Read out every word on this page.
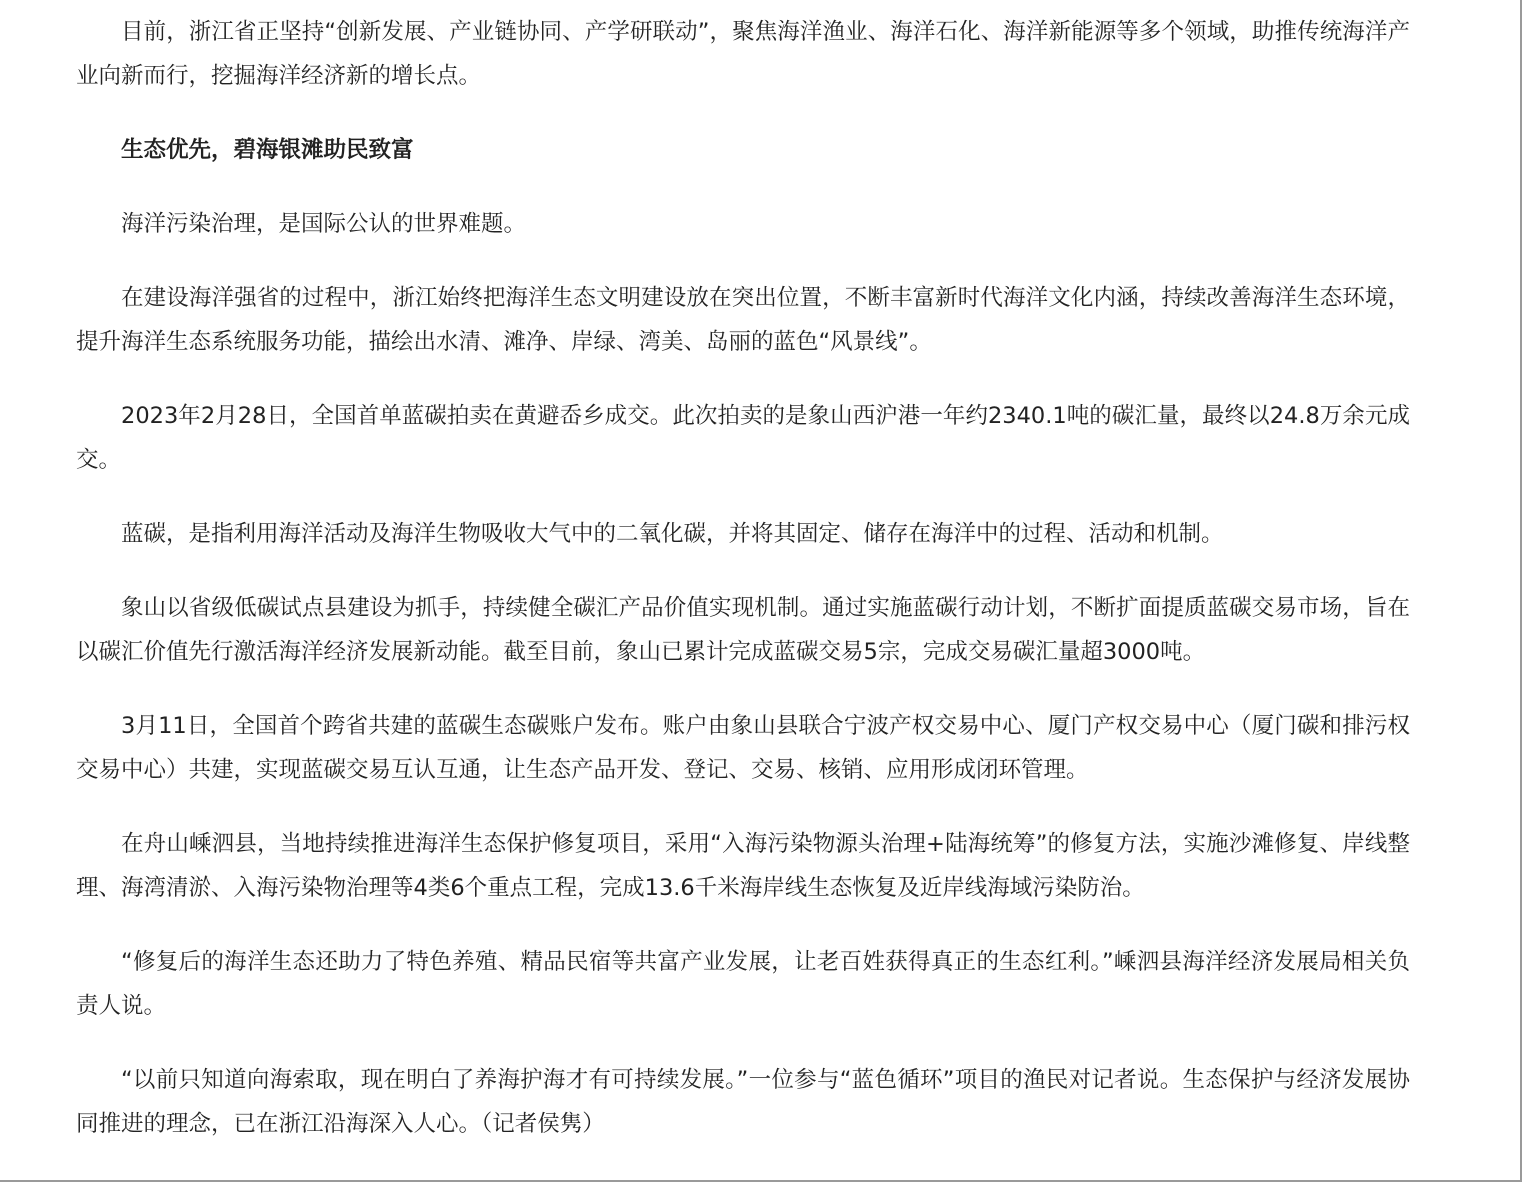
目前，浙江省正坚持“创新发展、产业链协同、产学研联动”，聚焦海洋渔业、海洋石化、海洋新能源等多个领域，助推传统海洋产业向新而行，挖掘海洋经济新的增长点。

生态优先，碧海银滩助民致富

海洋污染治理，是国际公认的世界难题。

在建设海洋强省的过程中，浙江始终把海洋生态文明建设放在突出位置，不断丰富新时代海洋文化内涵，持续改善海洋生态环境，提升海洋生态系统服务功能，描绘出水清、滩净、岸绿、湾美、岛丽的蓝色“风景线”。

2023年2月28日，全国首单蓝碳拍卖在黄避岙乡成交。此次拍卖的是象山西沪港一年约2340.1吨的碳汇量，最终以24.8万余元成交。

蓝碳，是指利用海洋活动及海洋生物吸收大气中的二氧化碳，并将其固定、储存在海洋中的过程、活动和机制。

象山以省级低碳试点县建设为抓手，持续健全碳汇产品价值实现机制。通过实施蓝碳行动计划，不断扩面提质蓝碳交易市场，旨在以碳汇价值先行激活海洋经济发展新动能。截至目前，象山已累计完成蓝碳交易5宗，完成交易碳汇量超3000吨。

3月11日，全国首个跨省共建的蓝碳生态碳账户发布。账户由象山县联合宁波产权交易中心、厦门产权交易中心（厦门碳和排污权交易中心）共建，实现蓝碳交易互认互通，让生态产品开发、登记、交易、核销、应用形成闭环管理。

在舟山嵊泗县，当地持续推进海洋生态保护修复项目，采用“入海污染物源头治理+陆海统筹”的修复方法，实施沙滩修复、岸线整理、海湾清淤、入海污染物治理等4类6个重点工程，完成13.6千米海岸线生态恢复及近岸线海域污染防治。

“修复后的海洋生态还助力了特色养殖、精品民宿等共富产业发展，让老百姓获得真正的生态红利。”嵊泗县海洋经济发展局相关负责人说。

“以前只知道向海索取，现在明白了养海护海才有可持续发展。”一位参与“蓝色循环”项目的渔民对记者说。生态保护与经济发展协同推进的理念，已在浙江沿海深入人心。（记者侯隽）
